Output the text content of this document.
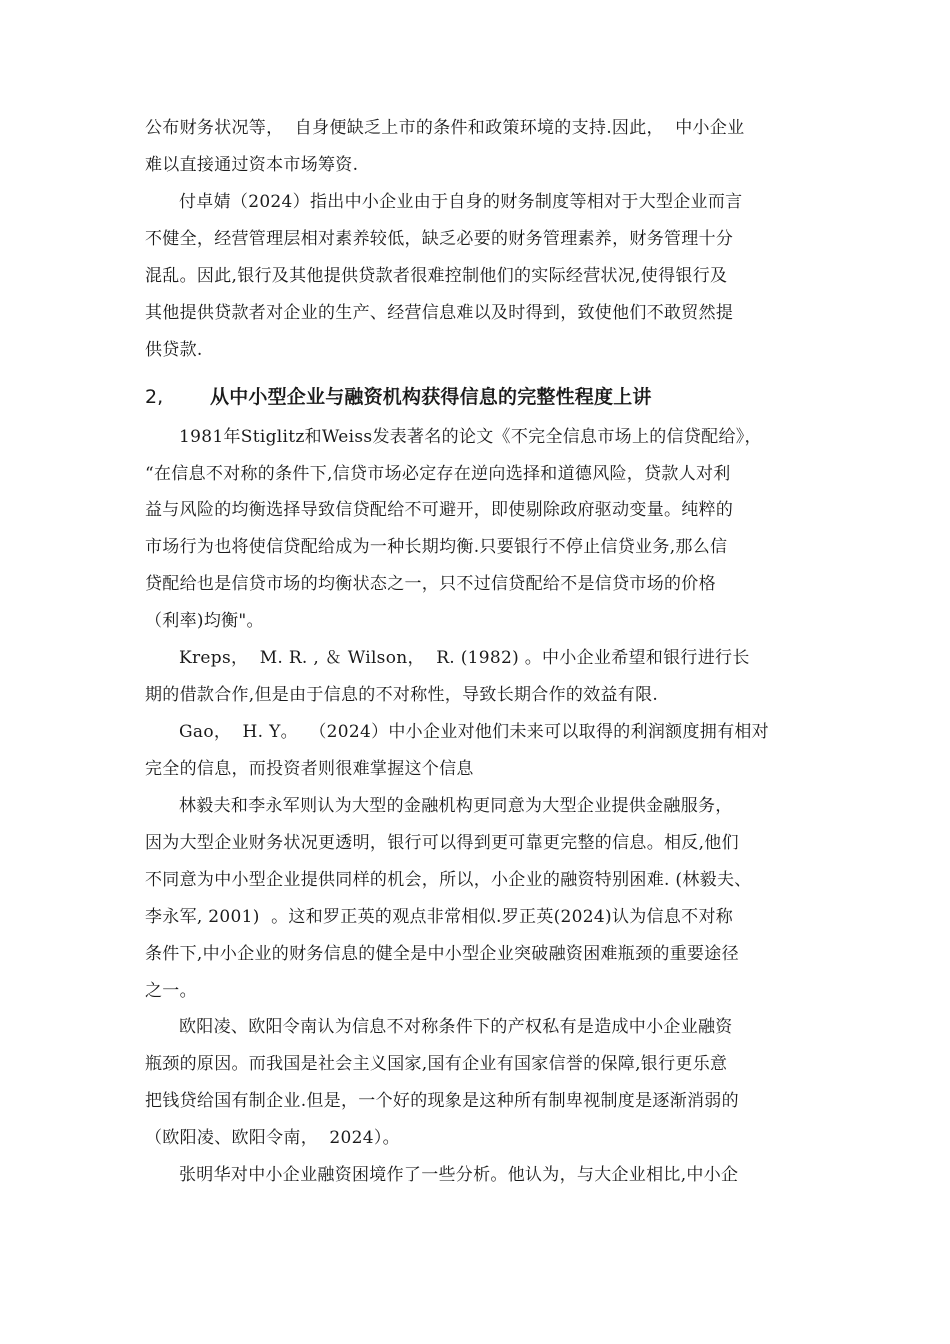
公布财务状况等，  自身便缺乏上市的条件和政策环境的支持.因此，  中小企业
难以直接通过资本市场筹资.
付卓婧（2024）指出中小企业由于自身的财务制度等相对于大型企业而言
不健全，经营管理层相对素养较低，缺乏必要的财务管理素养，财务管理十分
混乱。因此,银行及其他提供贷款者很难控制他们的实际经营状况,使得银行及
其他提供贷款者对企业的生产、经营信息难以及时得到，致使他们不敢贸然提
供贷款.
2, 从中小型企业与融资机构获得信息的完整性程度上讲
1981年Stiglitz和Weiss发表著名的论文《不完全信息市场上的信贷配给》，
“在信息不对称的条件下,信贷市场必定存在逆向选择和道德风险，贷款人对利
益与风险的均衡选择导致信贷配给不可避开，即使剔除政府驱动变量。纯粹的
市场行为也将使信贷配给成为一种长期均衡.只要银行不停止信贷业务,那么信
贷配给也是信贷市场的均衡状态之一，只不过信贷配给不是信贷市场的价格
（利率)均衡"。
Kreps，  M. R. , ＆ Wilson，  R. (1982) 。中小企业希望和银行进行长
期的借款合作,但是由于信息的不对称性，导致长期合作的效益有限.
Gao，  H. Y。  （2024）中小企业对他们未来可以取得的利润额度拥有相对
完全的信息，而投资者则很难掌握这个信息
林毅夫和李永军则认为大型的金融机构更同意为大型企业提供金融服务，
因为大型企业财务状况更透明，银行可以得到更可靠更完整的信息。相反,他们
不同意为中小型企业提供同样的机会，所以，小企业的融资特别困难. (林毅夫、
李永军, 2001)  。这和罗正英的观点非常相似.罗正英(2024)认为信息不对称
条件下,中小企业的财务信息的健全是中小型企业突破融资困难瓶颈的重要途径
之一。
欧阳凌、欧阳令南认为信息不对称条件下的产权私有是造成中小企业融资
瓶颈的原因。而我国是社会主义国家,国有企业有国家信誉的保障,银行更乐意
把钱贷给国有制企业.但是，一个好的现象是这种所有制卑视制度是逐渐消弱的
（欧阳凌、欧阳令南，  2024）。
张明华对中小企业融资困境作了一些分析。他认为，与大企业相比,中小企
